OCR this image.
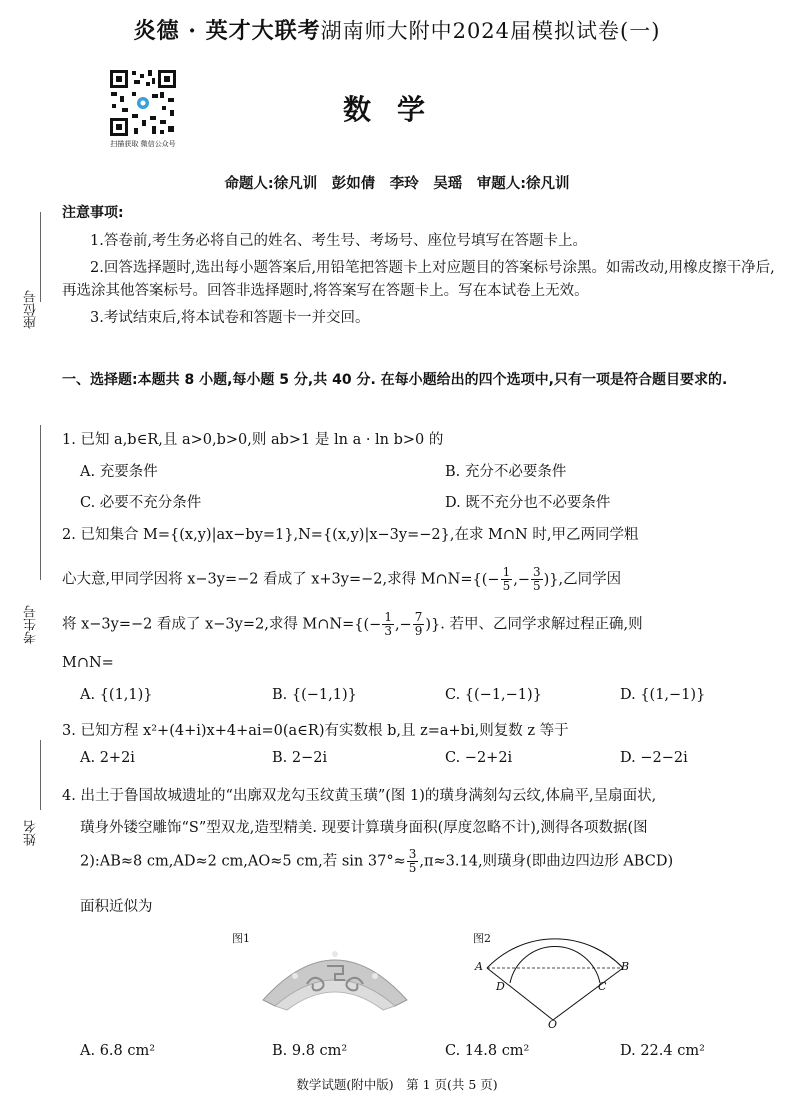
炎德 · 英才大联考湖南师大附中2024届模拟试卷(一)
扫描获取 微信公众号
数学
命题人:徐凡训　彭如倩　李玲　吴瑶　审题人:徐凡训
座位号
考生号
姓名
注意事项:

1.答卷前,考生务必将自己的姓名、考生号、考场号、座位号填写在答题卡上。

2.回答选择题时,选出每小题答案后,用铅笔把答题卡上对应题目的答案标号涂黑。如需改动,用橡皮擦干净后,再选涂其他答案标号。回答非选择题时,将答案写在答题卡上。写在本试卷上无效。

3.考试结束后,将本试卷和答题卡一并交回。

一、选择题:本题共 8 小题,每小题 5 分,共 40 分. 在每小题给出的四个选项中,只有一项是符合题目要求的.
1. 已知 a,b∈R,且 a>0,b>0,则 ab>1 是 ln a · ln b>0 的
A. 充要条件	B. 充分不必要条件
C. 必要不充分条件	D. 既不充分也不必要条件
2. 已知集合 M={(x,y)|ax−by=1},N={(x,y)|x−3y=−2},在求 M∩N 时,甲乙两同学粗
心大意,甲同学因将 x−3y=−2 看成了 x+3y=−2,求得 M∩N={(− $\frac{1}{5}$ ,− $\frac{3}{5}$ )},乙同学因
将 x−3y=−2 看成了 x−3y=2,求得 M∩N={(− $\frac{1}{3}$ ,− $\frac{7}{9}$ )}. 若甲、乙同学求解过程正确,则
M∩N=
A. {(1,1)}	B. {(−1,1)}	C. {(−1,−1)}	D. {(1,−1)}
3. 已知方程 x²+(4+i)x+4+ai=0(a∈R)有实数根 b,且 z=a+bi,则复数 z 等于
A. 2+2i	B. 2−2i	C. −2+2i	D. −2−2i
4. 出土于鲁国故城遗址的“出廓双龙勾玉纹黄玉璜”(图 1)的璜身满刻勾云纹,体扁平,呈扇面状,
璜身外镂空雕饰“S”型双龙,造型精美. 现要计算璜身面积(厚度忽略不计),测得各项数据(图
2):AB≈8 cm,AD≈2 cm,AO≈5 cm,若 $\sin 37^\circ\approx \frac{3}{5} ,\pi\approx 3.14$,则璜身(即曲边四边形 ABCD)
面积近似为
图1	图2
A	B
C
D
O
A. 6.8 cm²	B. 9.8 cm²	C. 14.8 cm²	D. 22.4 cm²
数学试题(附中版)　第 1 页(共 5 页)
